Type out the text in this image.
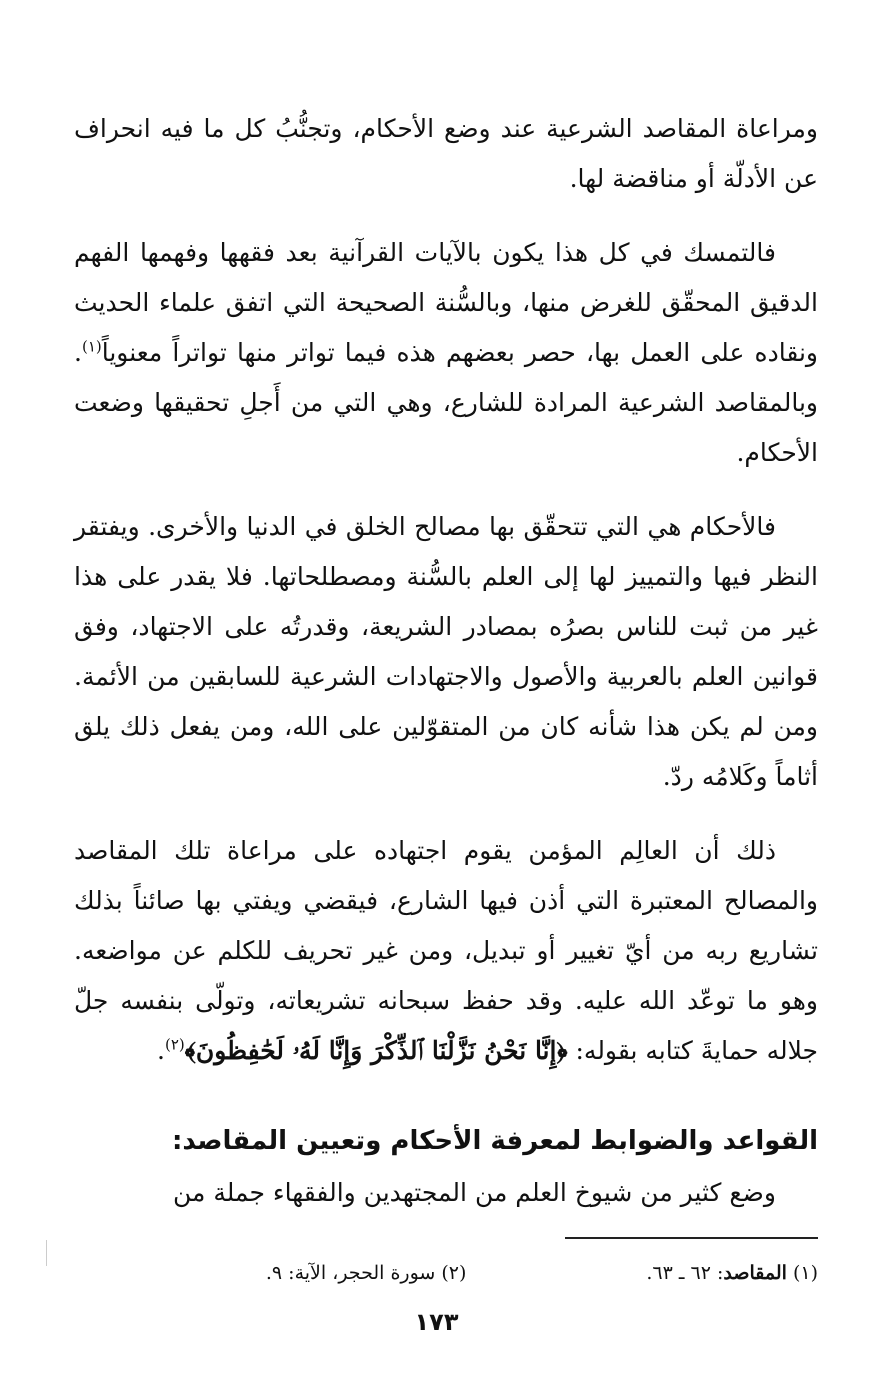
ومراعاة المقاصد الشرعية عند وضع الأحكام، وتجنُّبُ كل ما فيه انحراف عن الأدلّة أو مناقضة لها.

فالتمسك في كل هذا يكون بالآيات القرآنية بعد فقهها وفهمها الفهم الدقيق المحقّق للغرض منها، وبالسُّنة الصحيحة التي اتفق علماء الحديث ونقاده على العمل بها، حصر بعضهم هذه فيما تواتر منها تواتراً معنوياً$^{(١)}$. وبالمقاصد الشرعية المرادة للشارع، وهي التي من أَجلِ تحقيقها وضعت الأحكام.

فالأحكام هي التي تتحقّق بها مصالح الخلق في الدنيا والأخرى. ويفتقر النظر فيها والتمييز لها إلى العلم بالسُّنة ومصطلحاتها. فلا يقدر على هذا غير من ثبت للناس بصرُه بمصادر الشريعة، وقدرتُه على الاجتهاد، وفق قوانين العلم بالعربية والأصول والاجتهادات الشرعية للسابقين من الأئمة. ومن لم يكن هذا شأنه كان من المتقوّلين على الله، ومن يفعل ذلك يلق أثاماً وكَلامُه ردّ.

ذلك أن العالِم المؤمن يقوم اجتهاده على مراعاة تلك المقاصد والمصالح المعتبرة التي أذن فيها الشارع، فيقضي ويفتي بها صائناً بذلك تشاريع ربه من أيّ تغيير أو تبديل، ومن غير تحريف للكلم عن مواضعه. وهو ما توعّد الله عليه. وقد حفظ سبحانه تشريعاته، وتولّى بنفسه جلّ جلاله حمايةَ كتابه بقوله: ﴿إِنَّا نَحْنُ نَزَّلْنَا ٱلذِّكْرَ وَإِنَّا لَهُۥ لَحَٰفِظُونَ﴾$^{(٢)}$.

القواعد والضوابط لمعرفة الأحكام وتعيين المقاصد:

وضع كثير من شيوخ العلم من المجتهدين والفقهاء جملة من

(١)المقاصد: ٦٢ ـ ٦٣.
(٢)سورة الحجر، الآية: ٩.
١٧٣
